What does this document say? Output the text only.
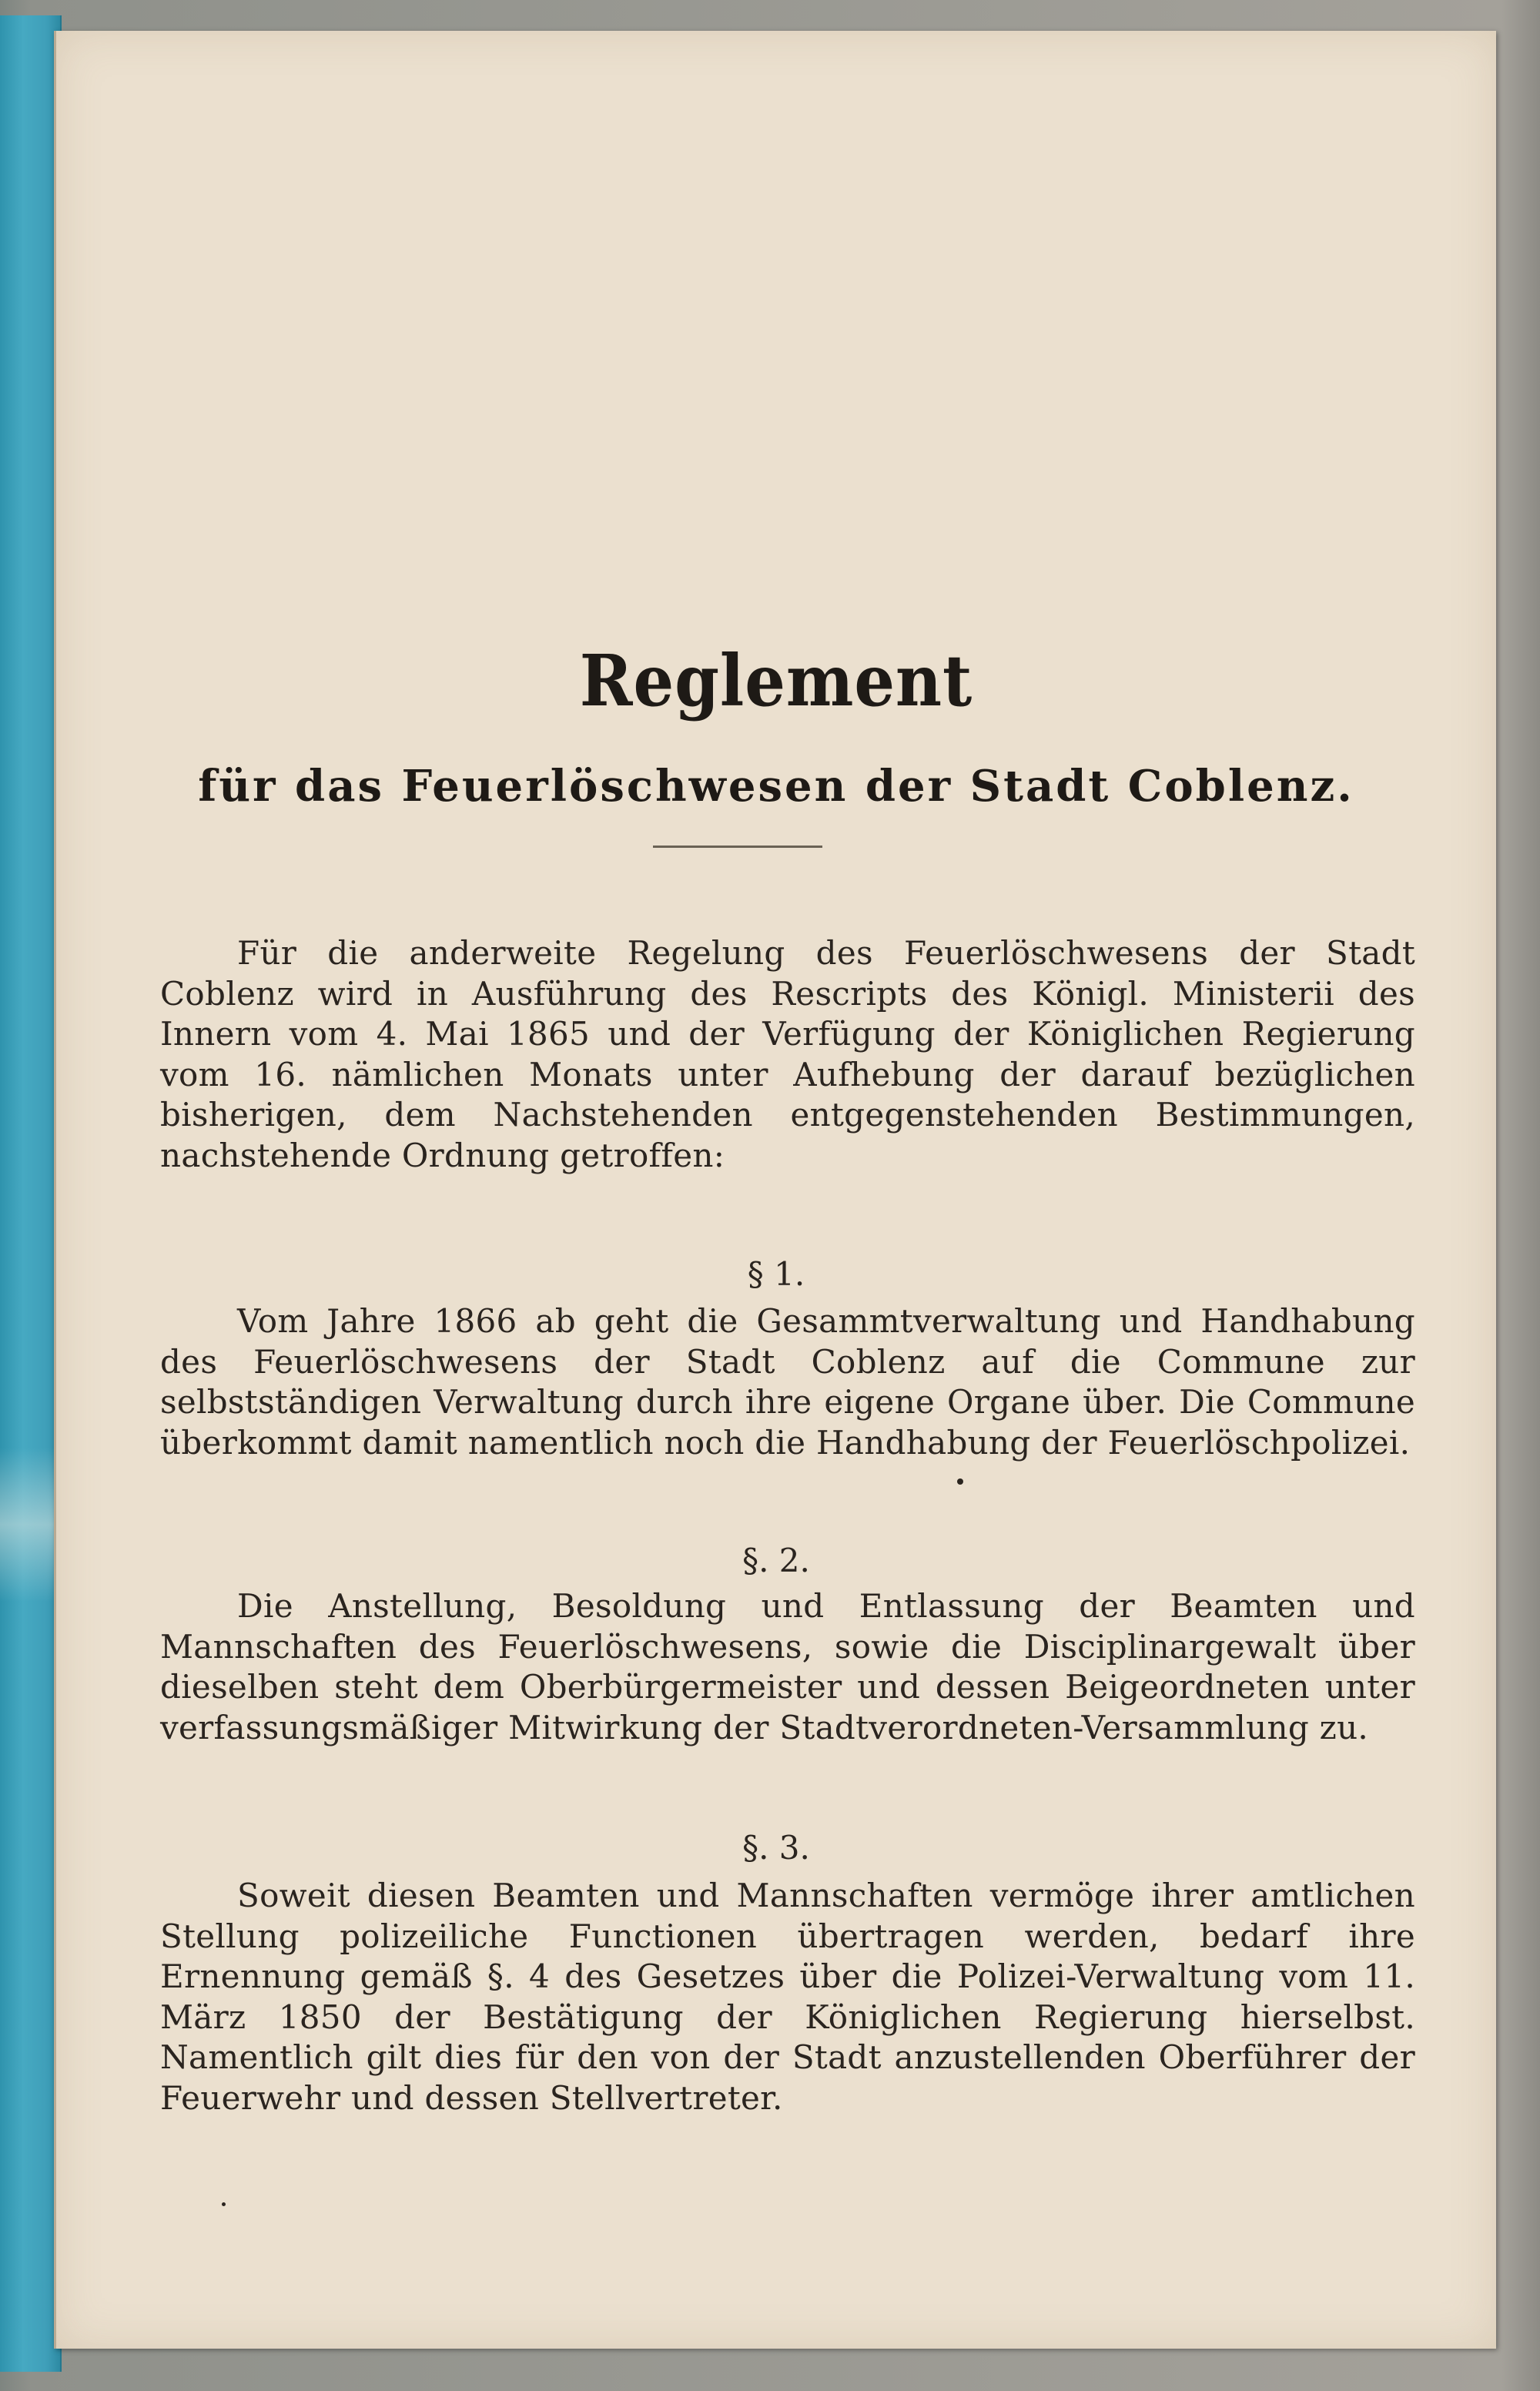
Reglement
für das Feuerlöschwesen der Stadt Coblenz.
Für die anderweite Regelung des Feuerlöschwesens der Stadt Coblenz wird in Ausführung des Rescripts des Königl. Ministerii des Innern vom 4. Mai 1865 und der Verfügung der Königlichen Regierung vom 16. nämlichen Monats unter Aufhebung der darauf bezüglichen bisherigen, dem Nachstehenden entgegenstehenden Bestimmungen, nachstehende Ordnung getroffen:
§ 1.
Vom Jahre 1866 ab geht die Gesammtverwaltung und Handhabung des Feuerlöschwesens der Stadt Coblenz auf die Commune zur selbstständigen Verwaltung durch ihre eigene Organe über. Die Commune überkommt damit namentlich noch die Handhabung der Feuerlöschpolizei.
§. 2.
Die Anstellung, Besoldung und Entlassung der Beamten und Mannschaften des Feuerlöschwesens, sowie die Disciplinargewalt über dieselben steht dem Oberbürgermeister und dessen Beigeordneten unter verfassungsmäßiger Mitwirkung der Stadtverordneten-Versammlung zu.
§. 3.
Soweit diesen Beamten und Mannschaften vermöge ihrer amtlichen Stellung polizeiliche Functionen übertragen werden, bedarf ihre Ernennung gemäß §. 4 des Gesetzes über die Polizei-Verwaltung vom 11. März 1850 der Bestätigung der Königlichen Regierung hierselbst. Namentlich gilt dies für den von der Stadt anzustellenden Oberführer der Feuerwehr und dessen Stellvertreter.
